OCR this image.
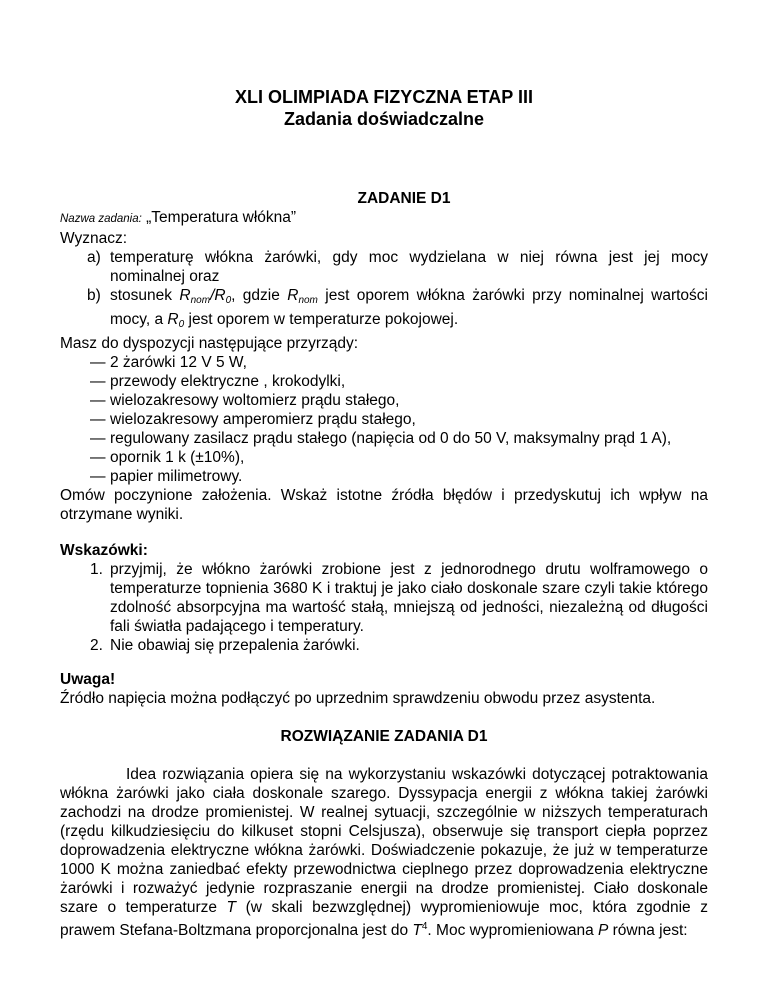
XLI OLIMPIADA FIZYCZNA ETAP III
Zadania doświadczalne
ZADANIE D1
Nazwa zadania: „Temperatura włókna”
Wyznacz:
a) temperaturę włókna żarówki, gdy moc wydzielana w niej równa jest jej mocy nominalnej oraz
b) stosunek $R_{nom}/R_0$, gdzie $R_{nom}$ jest oporem włókna żarówki przy nominalnej wartości mocy, a $R_0$ jest oporem w temperaturze pokojowej.
Masz do dyspozycji następujące przyrządy:
— 2 żarówki 12 V 5 W,
— przewody elektryczne , krokodylki,
— wielozakresowy woltomierz prądu stałego,
— wielozakresowy amperomierz prądu stałego,
— regulowany zasilacz prądu stałego (napięcia od 0 do 50 V, maksymalny prąd 1 A),
— opornik 1 k (±10%),
— papier milimetrowy.
Omów poczynione założenia. Wskaż istotne źródła błędów i przedyskutuj ich wpływ na otrzymane wyniki.
Wskazówki:
1. przyjmij, że włókno żarówki zrobione jest z jednorodnego drutu wolframowego o temperaturze topnienia 3680 K i traktuj je jako ciało doskonale szare czyli takie którego zdolność absorpcyjna ma wartość stałą, mniejszą od jedności, niezależną od długości fali światła padającego i temperatury.
2. Nie obawiaj się przepalenia żarówki.
Uwaga!
Źródło napięcia można podłączyć po uprzednim sprawdzeniu obwodu przez asystenta.
ROZWIĄZANIE ZADANIA D1
Idea rozwiązania opiera się na wykorzystaniu wskazówki dotyczącej potraktowania włókna żarówki jako ciała doskonale szarego. Dyssypacja energii z włókna takiej żarówki zachodzi na drodze promienistej. W realnej sytuacji, szczególnie w niższych temperaturach (rzędu kilkudziesięciu do kilkuset stopni Celsjusza), obserwuje się transport ciepła poprzez doprowadzenia elektryczne włókna żarówki. Doświadczenie pokazuje, że już w temperaturze 1000 K można zaniedbać efekty przewodnictwa cieplnego przez doprowadzenia elektryczne żarówki i rozważyć jedynie rozpraszanie energii na drodze promienistej. Ciało doskonale szare o temperaturze T (w skali bezwzględnej) wypromieniowuje moc, która zgodnie z prawem Stefana-Boltzmana proporcjonalna jest do $T^4$. Moc wypromieniowana P równa jest:
